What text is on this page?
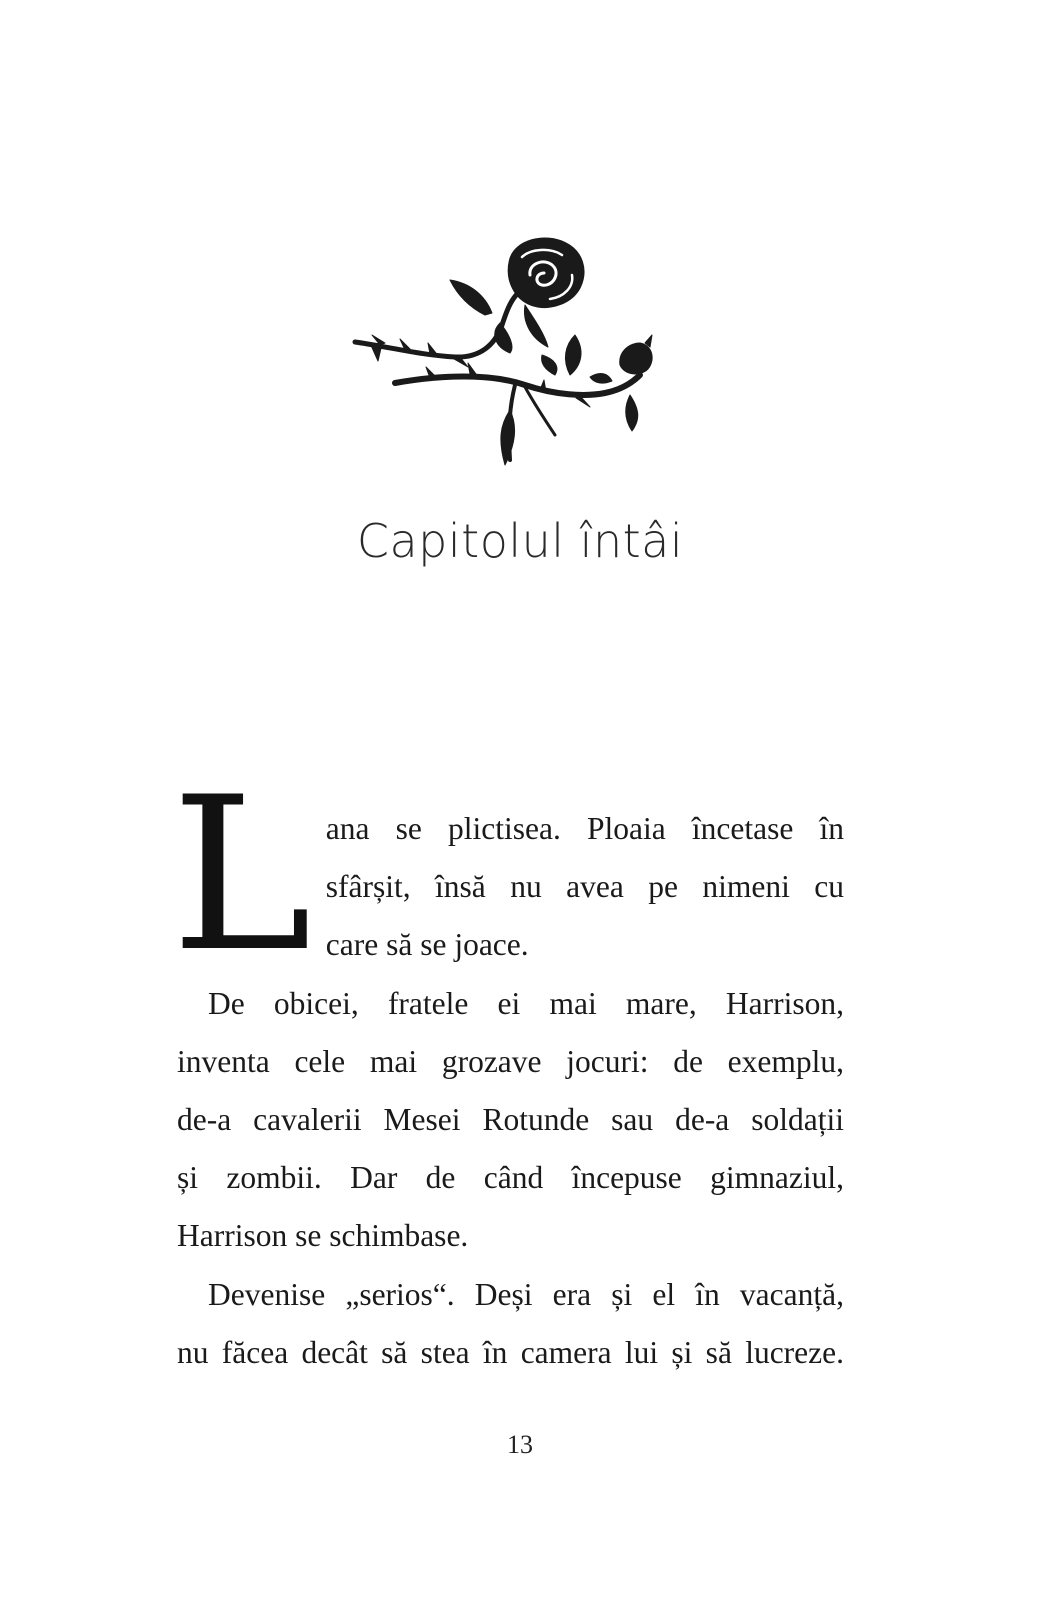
Capitolul întâi
L ana se plictisea. Ploaia încetase în
sfârșit, însă nu avea pe nimeni cu
care să se joace.

De obicei, fratele ei mai mare, Harrison,
inventa cele mai grozave jocuri: de exemplu,
de-a cavalerii Mesei Rotunde sau de-a soldații
și zombii. Dar de când începuse gimnaziul,
Harrison se schimbase.

Devenise „serios“. Deși era și el în vacanță,
nu făcea decât să stea în camera lui și să lucreze.

13
